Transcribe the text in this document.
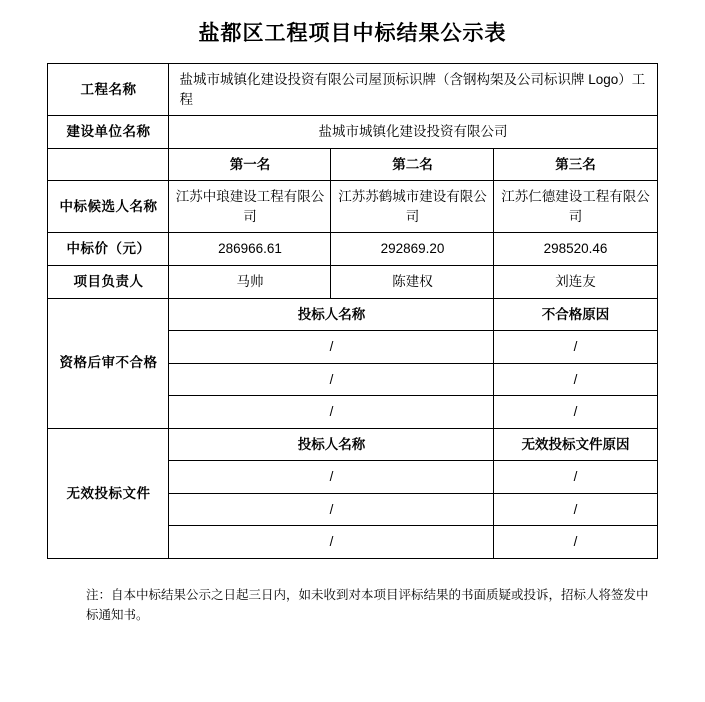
盐都区工程项目中标结果公示表
工程名称	盐城市城镇化建设投资有限公司屋顶标识牌（含钢构架及公司标识牌 Logo）工程		
建设单位名称	盐城市城镇化建设投资有限公司		
	第一名	第二名	第三名
中标候选人名称	江苏中琅建设工程有限公司	江苏苏鹤城市建设有限公司	江苏仁德建设工程有限公司
中标价（元）	286966.61	292869.20	298520.46
项目负责人	马帅	陈建权	刘连友
资格后审不合格	投标人名称		不合格原因
	/		/
	/		/
	/		/
无效投标文件	投标人名称		无效投标文件原因
	/		/
	/		/
	/		/
注：自本中标结果公示之日起三日内，如未收到对本项目评标结果的书面质疑或投诉，招标人将签发中标通知书。
